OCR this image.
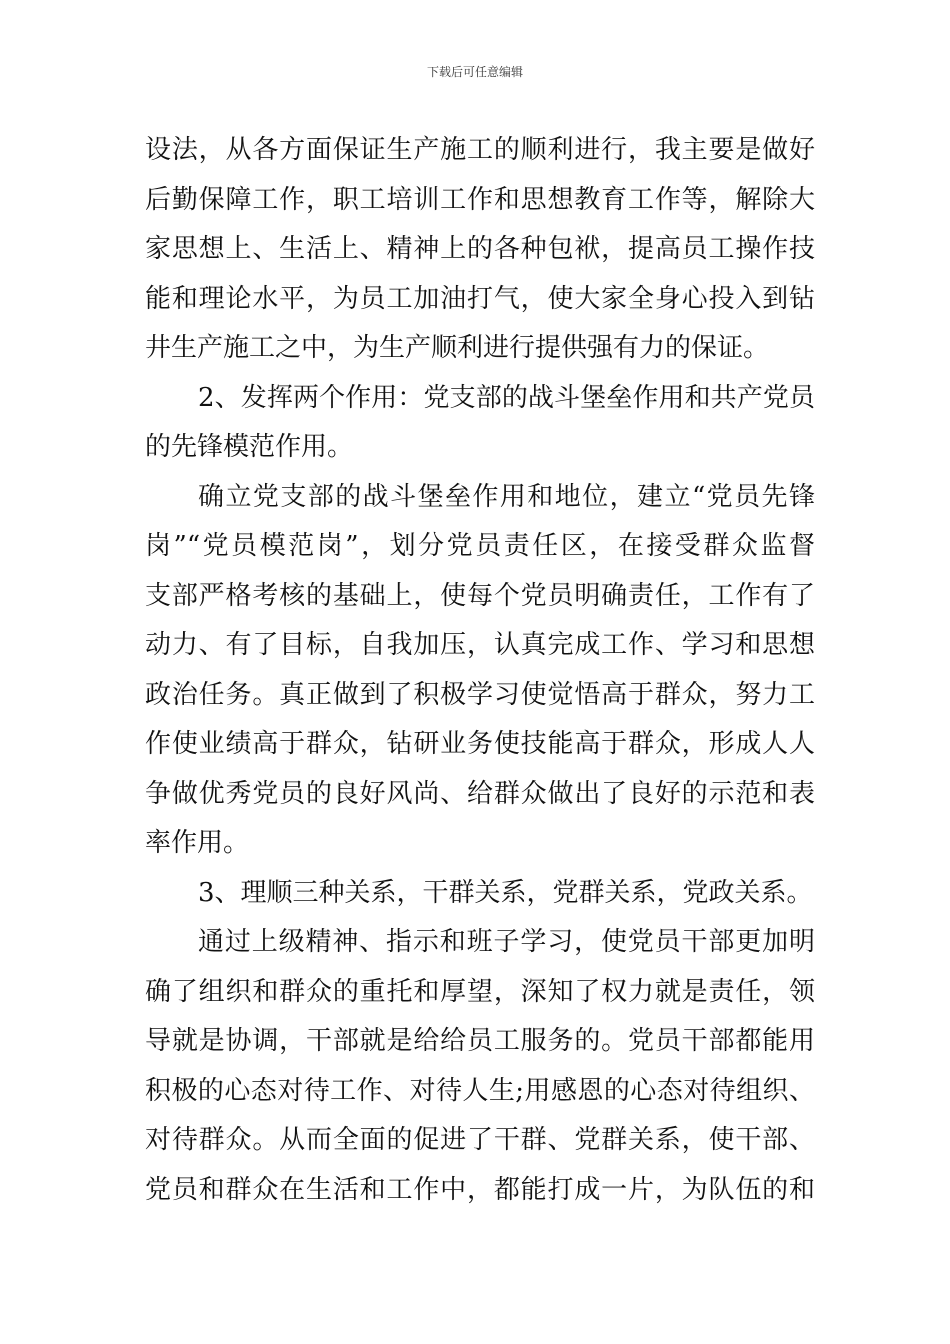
下载后可任意编辑
设法，从各方面保证生产施工的顺利进行，我主要是做好
后勤保障工作，职工培训工作和思想教育工作等，解除大
家思想上、生活上、精神上的各种包袱，提高员工操作技
能和理论水平，为员工加油打气，使大家全身心投入到钻
井生产施工之中，为生产顺利进行提供强有力的保证。
2、发挥两个作用：党支部的战斗堡垒作用和共产党员
的先锋模范作用。
确立党支部的战斗堡垒作用和地位，建立“党员先锋
岗”“党员模范岗”，划分党员责任区，在接受群众监督
支部严格考核的基础上，使每个党员明确责任，工作有了
动力、有了目标，自我加压，认真完成工作、学习和思想
政治任务。真正做到了积极学习使觉悟高于群众，努力工
作使业绩高于群众，钻研业务使技能高于群众，形成人人
争做优秀党员的良好风尚、给群众做出了良好的示范和表
率作用。
3、理顺三种关系，干群关系，党群关系，党政关系。
通过上级精神、指示和班子学习，使党员干部更加明
确了组织和群众的重托和厚望，深知了权力就是责任，领
导就是协调，干部就是给给员工服务的。党员干部都能用
积极的心态对待工作、对待人生;用感恩的心态对待组织、
对待群众。从而全面的促进了干群、党群关系，使干部、
党员和群众在生活和工作中，都能打成一片，为队伍的和
